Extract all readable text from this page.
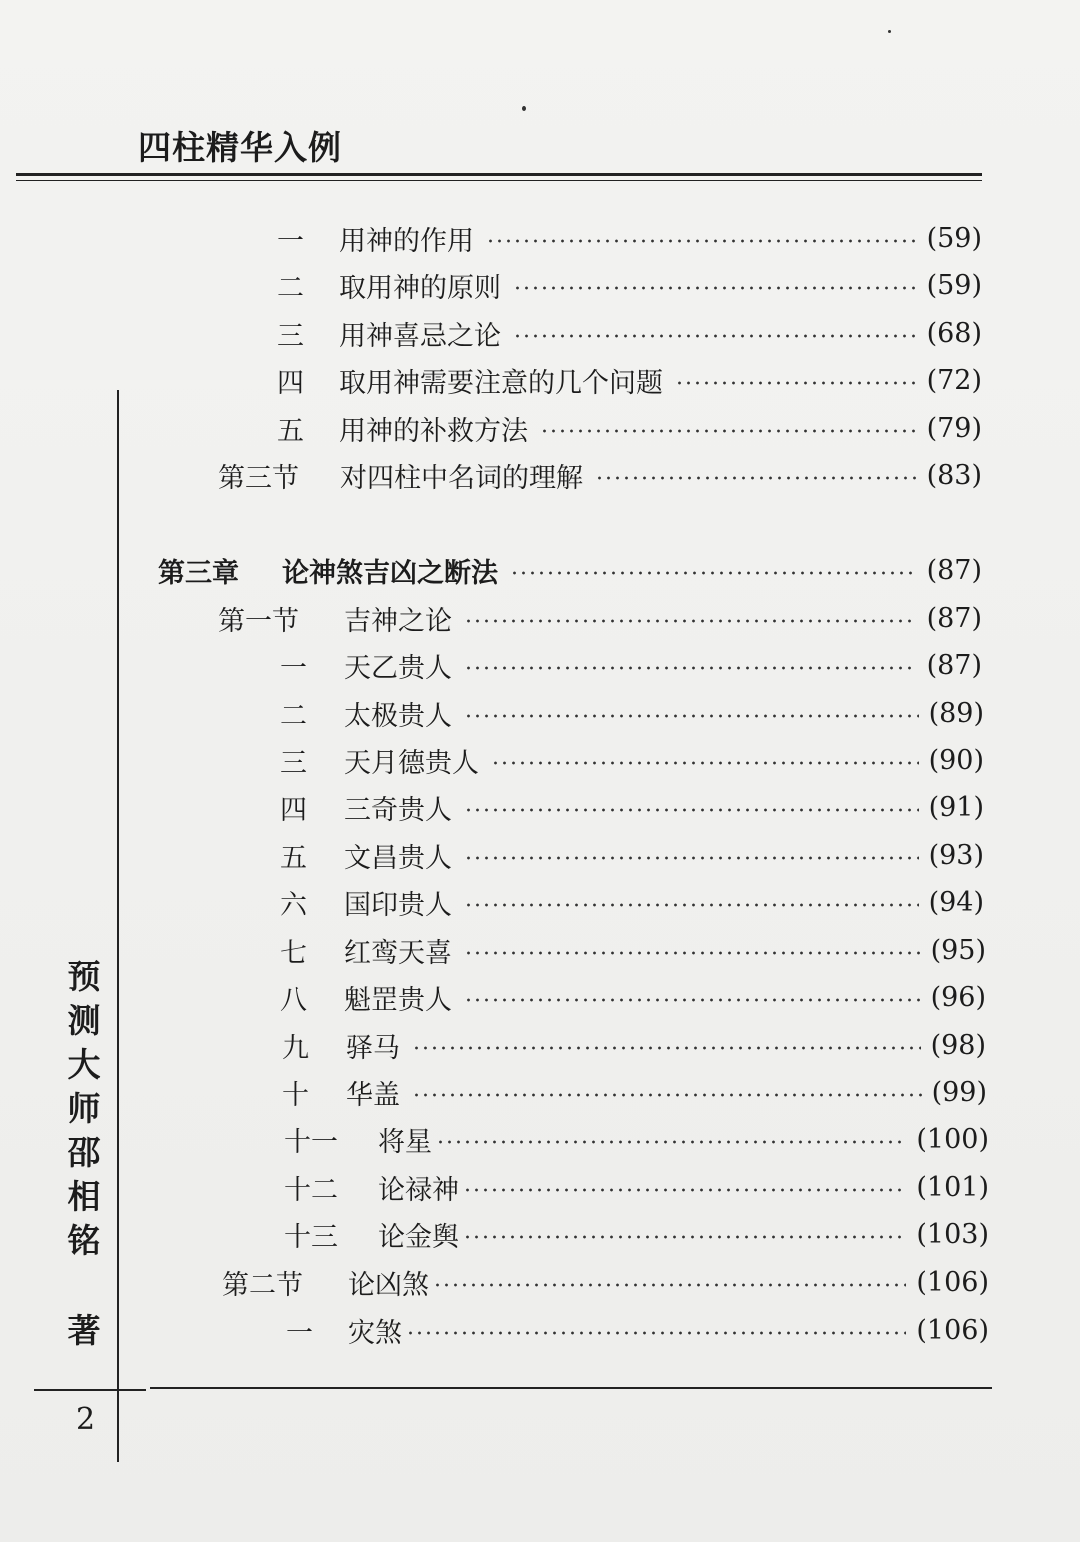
四柱精华入例
一	用神的作用	(59)
二	取用神的原则	(59)
三	用神喜忌之论	(68)
四	取用神需要注意的几个问题	(72)
五	用神的补救方法	(79)
第三节	对四柱中名词的理解	(83)
第三章	论神煞吉凶之断法	(87)
第一节	吉神之论	(87)
一	天乙贵人	(87)
二	太极贵人	(89)
三	天月德贵人	(90)
四	三奇贵人	(91)
五	文昌贵人	(93)
六	国印贵人	(94)
七	红鸾天喜	(95)
八	魁罡贵人	(96)
九	驿马	(98)
十	华盖	(99)
十一	将星	(100)
十二	论禄神	(101)
十三	论金舆	(103)
第二节	论凶煞	(106)
一	灾煞	(106)
预测大师邵相铭
著
2
